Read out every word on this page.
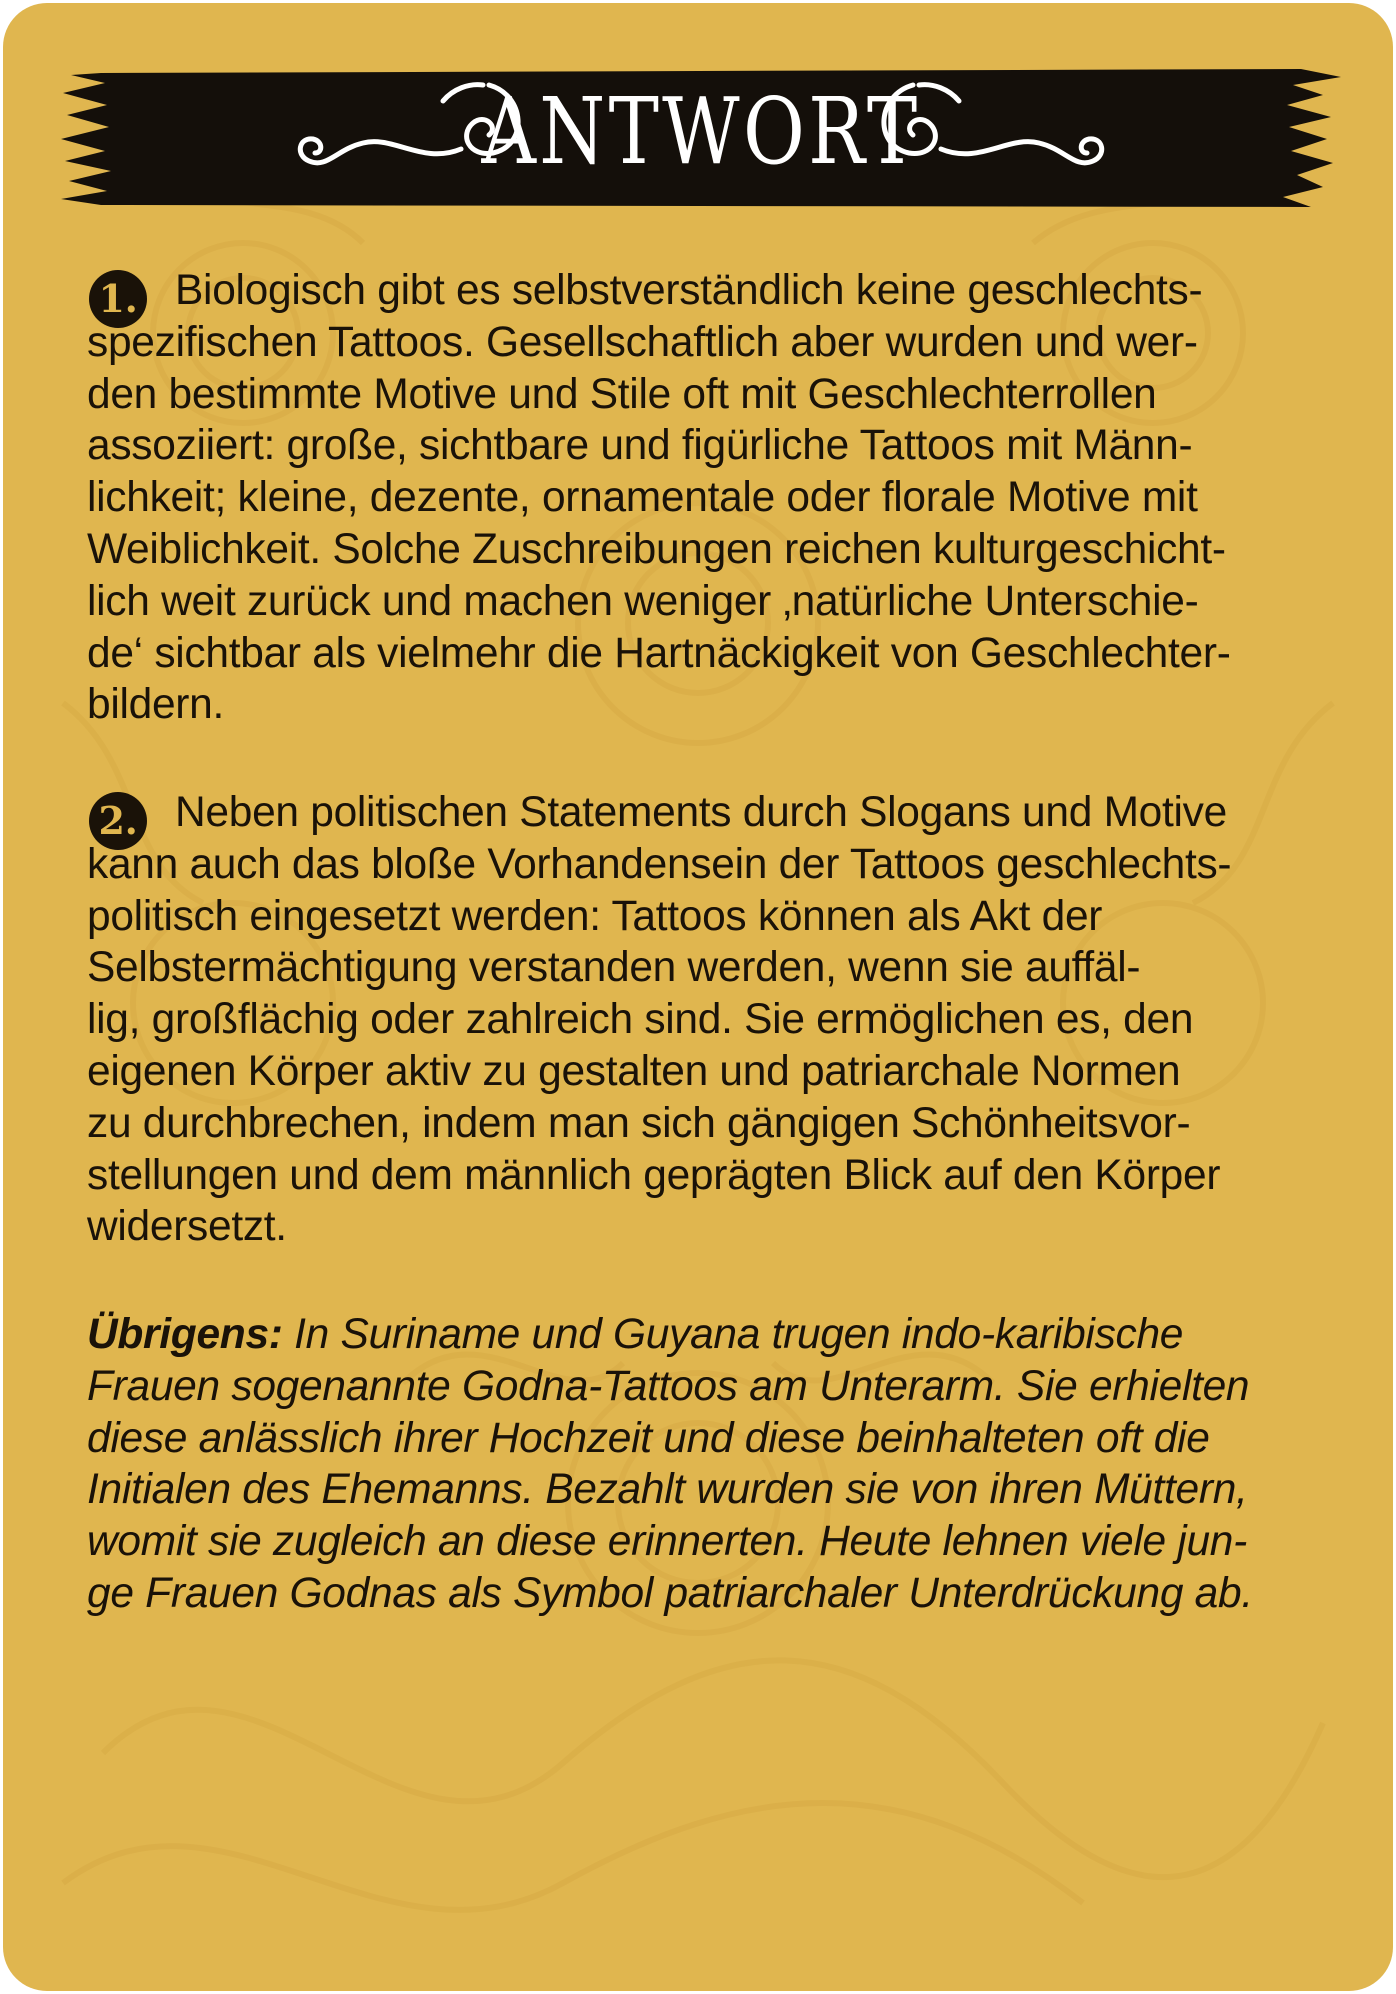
ANTWORT
1. Biologisch gibt es selbstverständlich keine geschlechts-
spezifischen Tattoos. Gesellschaftlich aber wurden und wer-
den bestimmte Motive und Stile oft mit Geschlechterrollen
assoziiert: große, sichtbare und figürliche Tattoos mit Männ-
lichkeit; kleine, dezente, ornamentale oder florale Motive mit
Weiblichkeit. Solche Zuschreibungen reichen kulturgeschicht-
lich weit zurück und machen weniger ‚natürliche Unterschie-
de‘ sichtbar als vielmehr die Hartnäckigkeit von Geschlechter-
bildern.
2. Neben politischen Statements durch Slogans und Motive
kann auch das bloße Vorhandensein der Tattoos geschlechts-
politisch eingesetzt werden: Tattoos können als Akt der
Selbstermächtigung verstanden werden, wenn sie auffäl-
lig, großflächig oder zahlreich sind. Sie ermöglichen es, den
eigenen Körper aktiv zu gestalten und patriarchale Normen
zu durchbrechen, indem man sich gängigen Schönheitsvor-
stellungen und dem männlich geprägten Blick auf den Körper
widersetzt.
Übrigens: In Suriname und Guyana trugen indo-karibische
Frauen sogenannte Godna-Tattoos am Unterarm. Sie erhielten
diese anlässlich ihrer Hochzeit und diese beinhalteten oft die
Initialen des Ehemanns. Bezahlt wurden sie von ihren Müttern,
womit sie zugleich an diese erinnerten. Heute lehnen viele jun-
ge Frauen Godnas als Symbol patriarchaler Unterdrückung ab.
